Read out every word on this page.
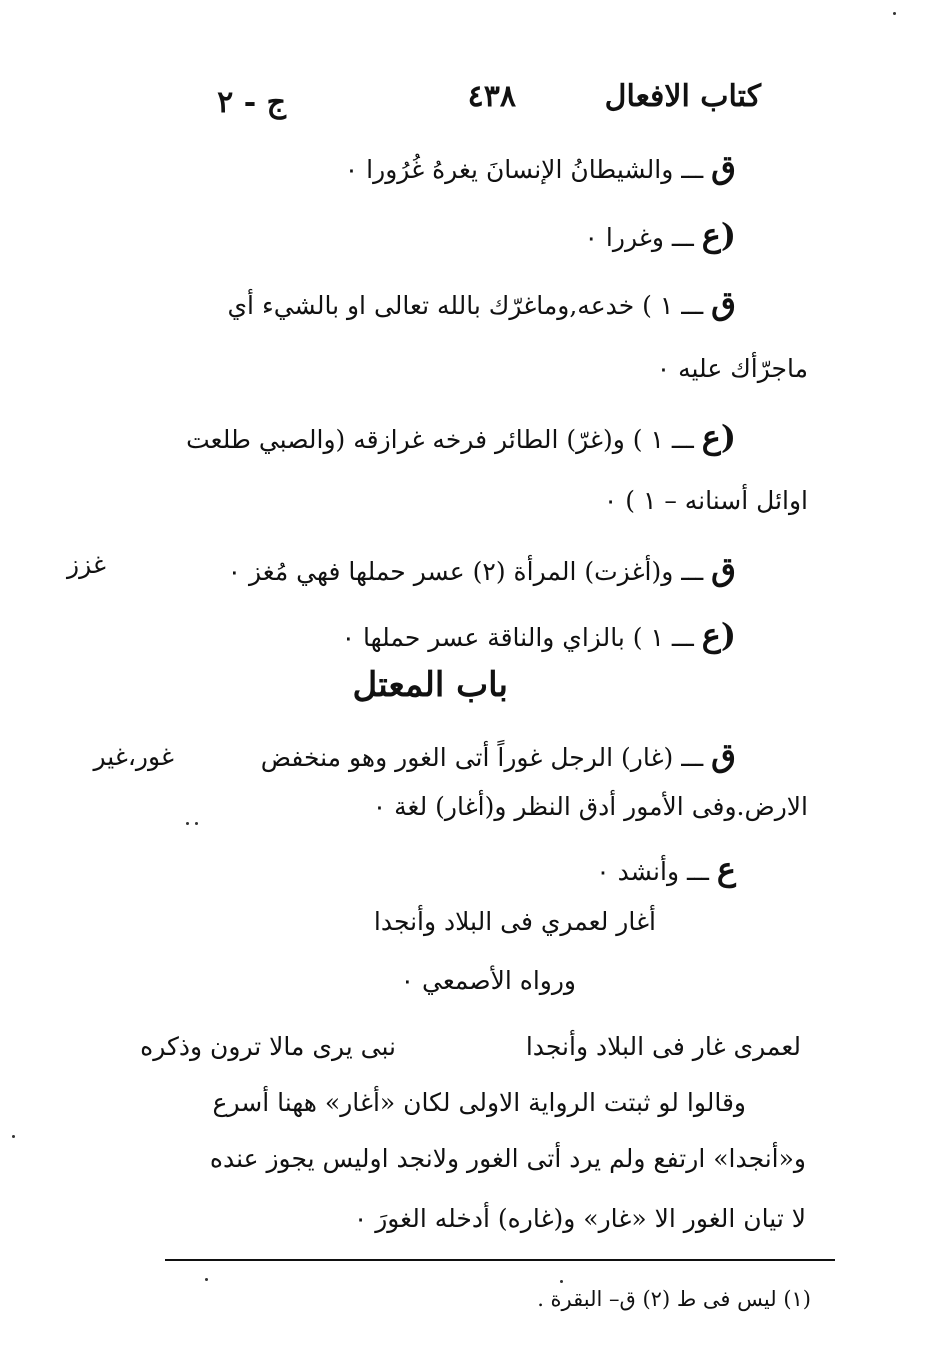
كتاب الافعال
٤٣٨
ج - ٢
ق ـــ والشيطانُ الإنسانَ يغرهُ غُرُورا ٠
(ع ـــ وغررا ٠
ق ـــ ١ ) خدعه,وماغرّك بالله تعالى او بالشيء أي
ماجرّأك عليه ٠
(ع ـــ ١ ) و(غرّ) الطائر فرخه غرازقه (والصبي طلعت
اوائل أسنانه – ١ ) ٠
ق ـــ و(أغزت) المرأة (٢) عسر حملها فهي مُغز ٠
غزز
(ع ـــ ١ ) بالزاي والناقة عسر حملها ٠
باب المعتل
ق ـــ (غار) الرجل غوراً أتى الغور وهو منخفض
غور،غير
الارض.وفى الأمور أدق النظر و(أغار) لغة ٠
ع ـــ وأنشد ٠
أغار لعمري فى البلاد وأنجدا
ورواه الأصمعي ٠
لعمرى غار فى البلاد وأنجدا
نبى يرى مالا ترون وذكره
وقالوا لو ثبتت الرواية الاولى لكان «أغار» ههنا أسرع
و«أنجدا» ارتفع ولم يرد أتى الغور ولانجد اوليس يجوز عنده
لا تيان الغور الا «غار» و(غاره) أدخله الغورَ ٠
(١) ليس فى ط (٢) ق– البقرة .
